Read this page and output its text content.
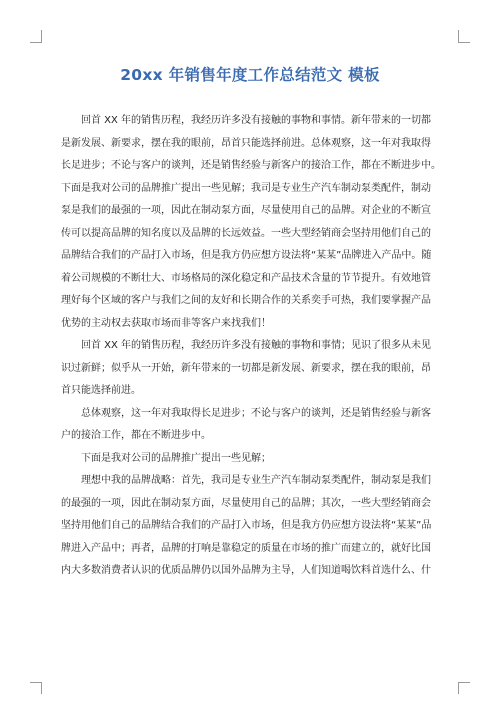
20xx 年销售年度工作总结范文 模板
回首 XX 年的销售历程，我经历许多没有接触的事物和事情。新年带来的一切都
是新发展、新要求，摆在我的眼前，昂首只能选择前进。总体观察，这一年对我取得
长足进步；不论与客户的谈判，还是销售经验与新客户的接洽工作，都在不断进步中。
下面是我对公司的品牌推广提出一些见解；我司是专业生产汽车制动泵类配件，制动
泵是我们的最强的一项，因此在制动泵方面，尽量使用自己的品牌。对企业的不断宣
传可以提高品牌的知名度以及品牌的长远效益。一些大型经销商会坚持用他们自己的
品牌结合我们的产品打入市场，但是我方仍应想方设法将“某某”品牌进入产品中。随
着公司规模的不断壮大、市场格局的深化稳定和产品技术含量的节节提升。有效地管
理好每个区域的客户与我们之间的友好和长期合作的关系奕手可热，我们要掌握产品
优势的主动权去获取市场而非等客户来找我们！
回首 XX 年的销售历程，我经历许多没有接触的事物和事情；见识了很多从未见
识过新鲜；似乎从一开始，新年带来的一切都是新发展、新要求，摆在我的眼前，昂
首只能选择前进。
总体观察，这一年对我取得长足进步；不论与客户的谈判，还是销售经验与新客
户的接洽工作，都在不断进步中。
下面是我对公司的品牌推广提出一些见解；
理想中我的品牌战略：首先，我司是专业生产汽车制动泵类配件，制动泵是我们
的最强的一项，因此在制动泵方面，尽量使用自己的品牌；其次，一些大型经销商会
坚持用他们自己的品牌结合我们的产品打入市场，但是我方仍应想方设法将“某某”品
牌进入产品中；再者，品牌的打响是靠稳定的质量在市场的推广而建立的，就好比国
内大多数消费者认识的优质品牌仍以国外品牌为主导，人们知道喝饮料首选什么、什
